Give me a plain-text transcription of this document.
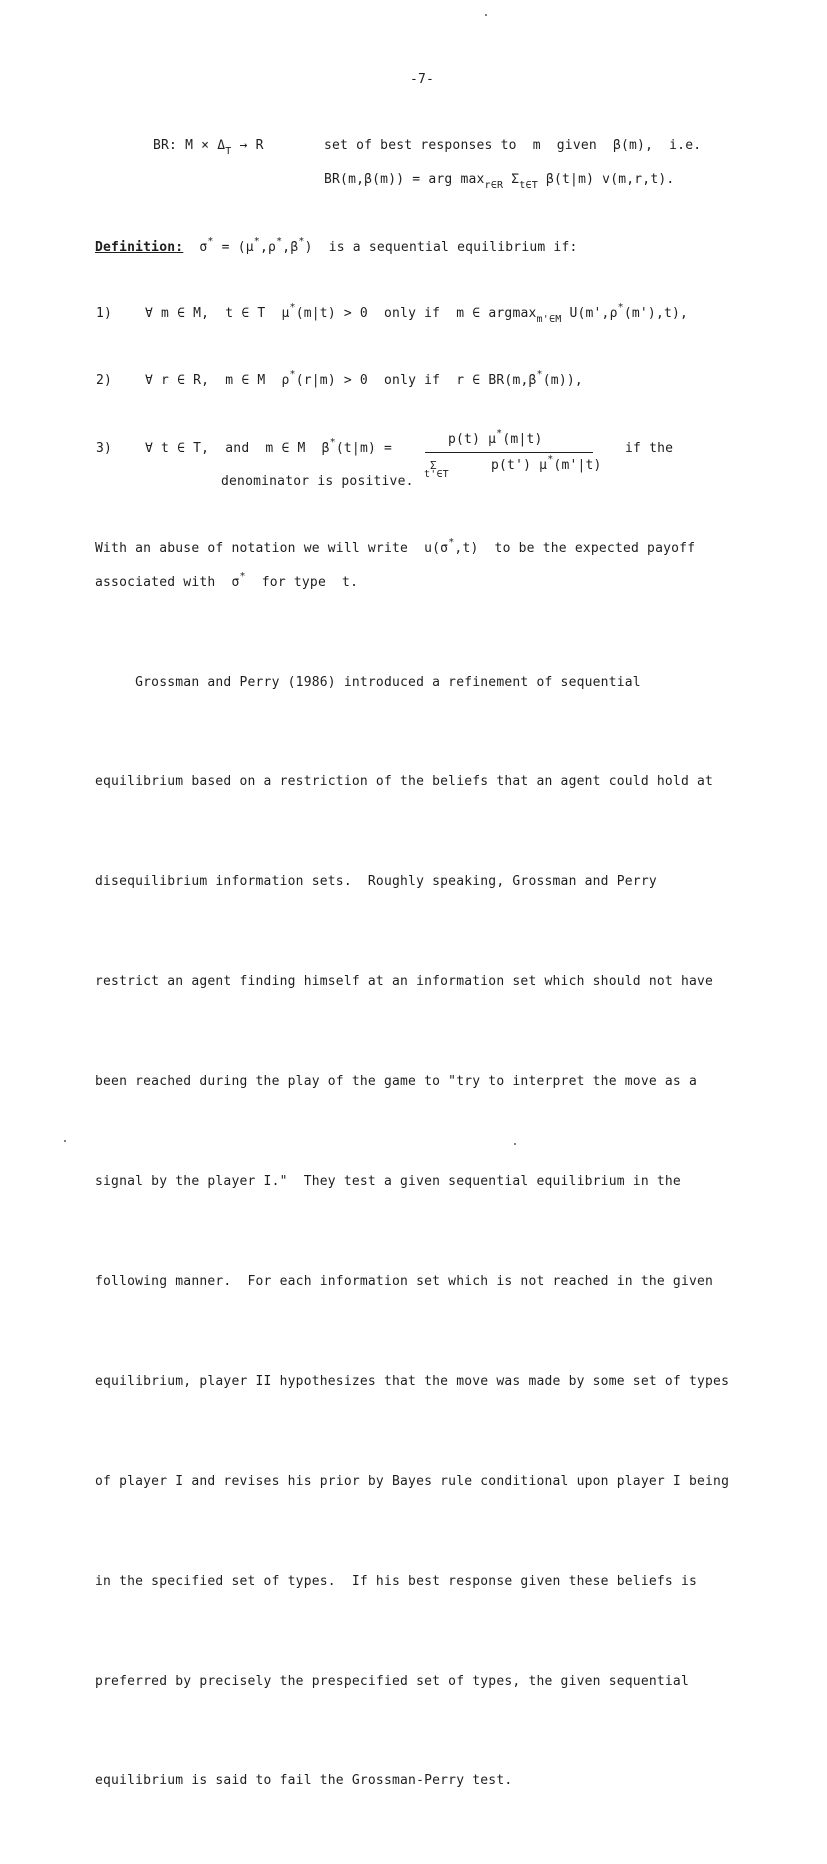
-7-
BR: $M \times \Delta_T \to R$	set of best responses to  m  given  β(m),  i.e.
BR(m,β(m)) = arg $\max_{r\in R} \Sigma_{t\in T}$ β(t|m) v(m,r,t).
Definition: σ* = (μ*,ρ*,β*) is a sequential equilibrium if:
1)	∀ m ∈ M,  t ∈ T  μ*(m|t) > 0  only if  m ∈ argmax$_{m'\in M}$ U(m',ρ*(m'),t),
2)	∀ r ∈ R,  m ∈ M  ρ*(r|m) > 0  only if  r ∈ BR(m,β*(m)),
3)	∀ t ∈ T,  and  m ∈ M  β*(t|m) =
p(t) μ*(m|t)
Σ
t'∈T
p(t') μ*(m'|t)
if the
denominator is positive.
With an abuse of notation we will write  u(σ*,t)  to be the expected payoff
associated with  σ*  for type  t.

Grossman and Perry (1986) introduced a refinement of sequential

equilibrium based on a restriction of the beliefs that an agent could hold at

disequilibrium information sets.  Roughly speaking, Grossman and Perry

restrict an agent finding himself at an information set which should not have

been reached during the play of the game to "try to interpret the move as a

signal by the player I."  They test a given sequential equilibrium in the

following manner.  For each information set which is not reached in the given

equilibrium, player II hypothesizes that the move was made by some set of types

of player I and revises his prior by Bayes rule conditional upon player I being

in the specified set of types.  If his best response given these beliefs is

preferred by precisely the prespecified set of types, the given sequential

equilibrium is said to fail the Grossman-Perry test.
